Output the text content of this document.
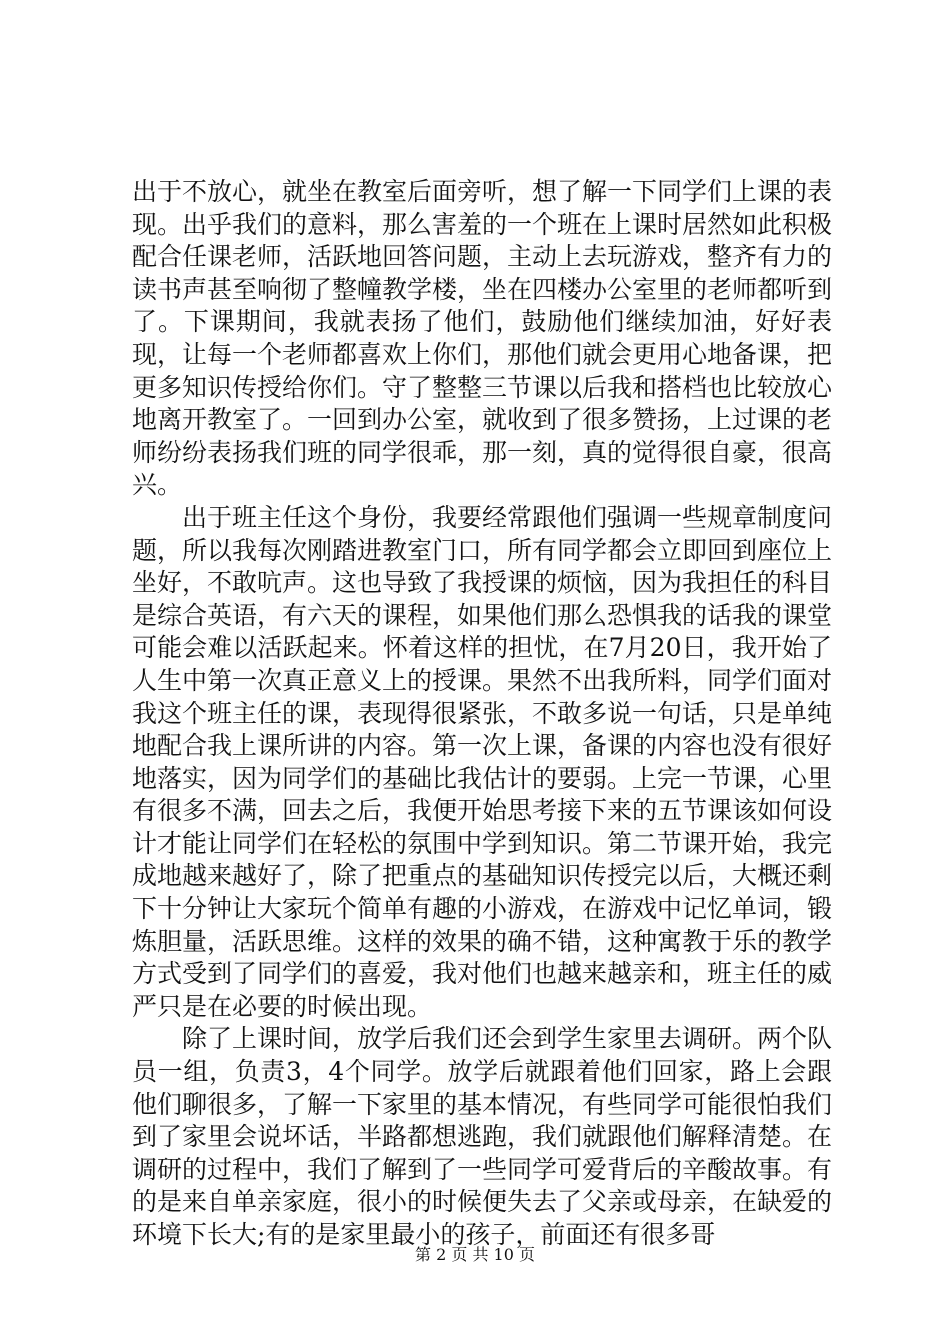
出于不放心，就坐在教室后面旁听，想了解一下同学们上课的表现。出乎我们的意料，那么害羞的一个班在上课时居然如此积极配合任课老师，活跃地回答问题，主动上去玩游戏，整齐有力的读书声甚至响彻了整幢教学楼，坐在四楼办公室里的老师都听到了。下课期间，我就表扬了他们，鼓励他们继续加油，好好表现，让每一个老师都喜欢上你们，那他们就会更用心地备课，把更多知识传授给你们。守了整整三节课以后我和搭档也比较放心地离开教室了。一回到办公室，就收到了很多赞扬，上过课的老师纷纷表扬我们班的同学很乖，那一刻，真的觉得很自豪，很高兴。

出于班主任这个身份，我要经常跟他们强调一些规章制度问题，所以我每次刚踏进教室门口，所有同学都会立即回到座位上坐好，不敢吭声。这也导致了我授课的烦恼，因为我担任的科目是综合英语，有六天的课程，如果他们那么恐惧我的话我的课堂可能会难以活跃起来。怀着这样的担忧，在7月20日，我开始了人生中第一次真正意义上的授课。果然不出我所料，同学们面对我这个班主任的课，表现得很紧张，不敢多说一句话，只是单纯地配合我上课所讲的内容。第一次上课，备课的内容也没有很好地落实，因为同学们的基础比我估计的要弱。上完一节课，心里有很多不满，回去之后，我便开始思考接下来的五节课该如何设计才能让同学们在轻松的氛围中学到知识。第二节课开始，我完成地越来越好了，除了把重点的基础知识传授完以后，大概还剩下十分钟让大家玩个简单有趣的小游戏，在游戏中记忆单词，锻炼胆量，活跃思维。这样的效果的确不错，这种寓教于乐的教学方式受到了同学们的喜爱，我对他们也越来越亲和，班主任的威严只是在必要的时候出现。

除了上课时间，放学后我们还会到学生家里去调研。两个队员一组，负责3，4个同学。放学后就跟着他们回家，路上会跟他们聊很多，了解一下家里的基本情况，有些同学可能很怕我们到了家里会说坏话，半路都想逃跑，我们就跟他们解释清楚。在调研的过程中，我们了解到了一些同学可爱背后的辛酸故事。有的是来自单亲家庭，很小的时候便失去了父亲或母亲，在缺爱的环境下长大;有的是家里最小的孩子，前面还有很多哥

第 2 页 共 10 页
